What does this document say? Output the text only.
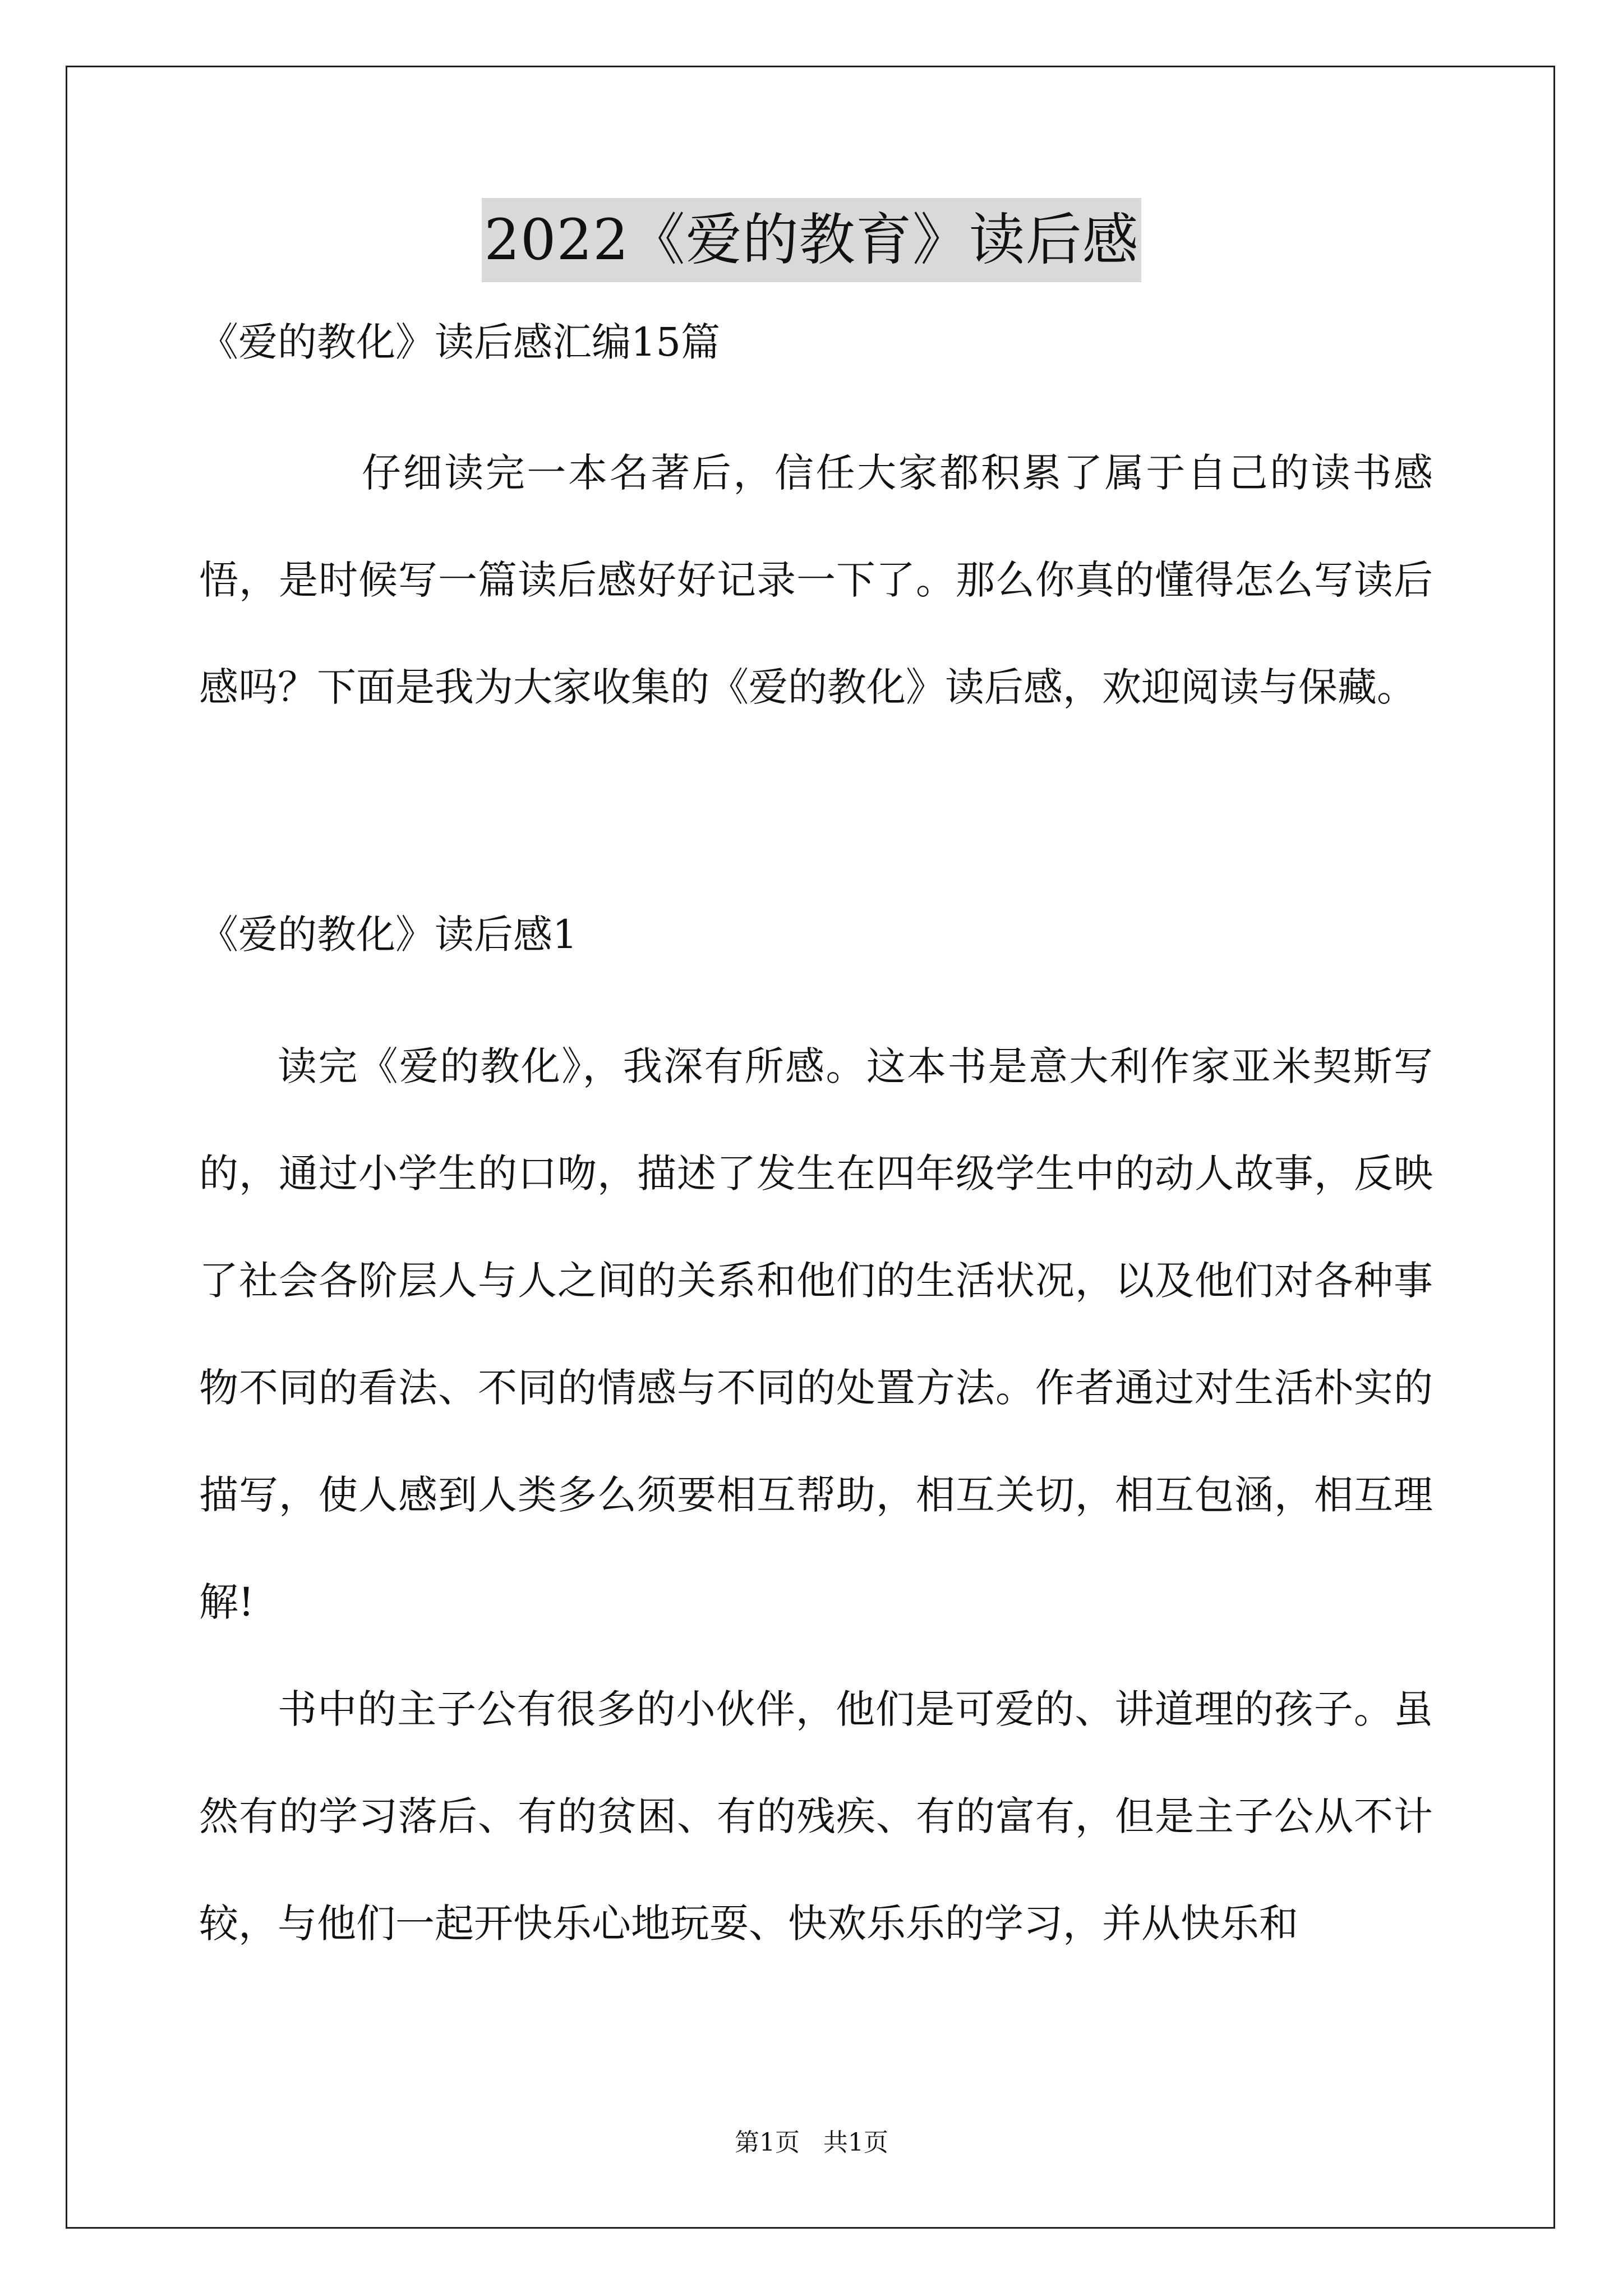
2022《爱的教育》读后感

《爱的教化》读后感汇编15篇

仔细读完一本名著后，信任大家都积累了属于自己的读书感悟，是时候写一篇读后感好好记录一下了。那么你真的懂得怎么写读后感吗？下面是我为大家收集的《爱的教化》读后感，欢迎阅读与保藏。

《爱的教化》读后感1

读完《爱的教化》，我深有所感。这本书是意大利作家亚米契斯写的，通过小学生的口吻，描述了发生在四年级学生中的动人故事，反映了社会各阶层人与人之间的关系和他们的生活状况，以及他们对各种事物不同的看法、不同的情感与不同的处置方法。作者通过对生活朴实的描写，使人感到人类多么须要相互帮助，相互关切，相互包涵，相互理解!

书中的主子公有很多的小伙伴，他们是可爱的、讲道理的孩子。虽然有的学习落后、有的贫困、有的残疾、有的富有，但是主子公从不计较，与他们一起开快乐心地玩耍、快欢乐乐的学习，并从快乐和

第1页   共1页
